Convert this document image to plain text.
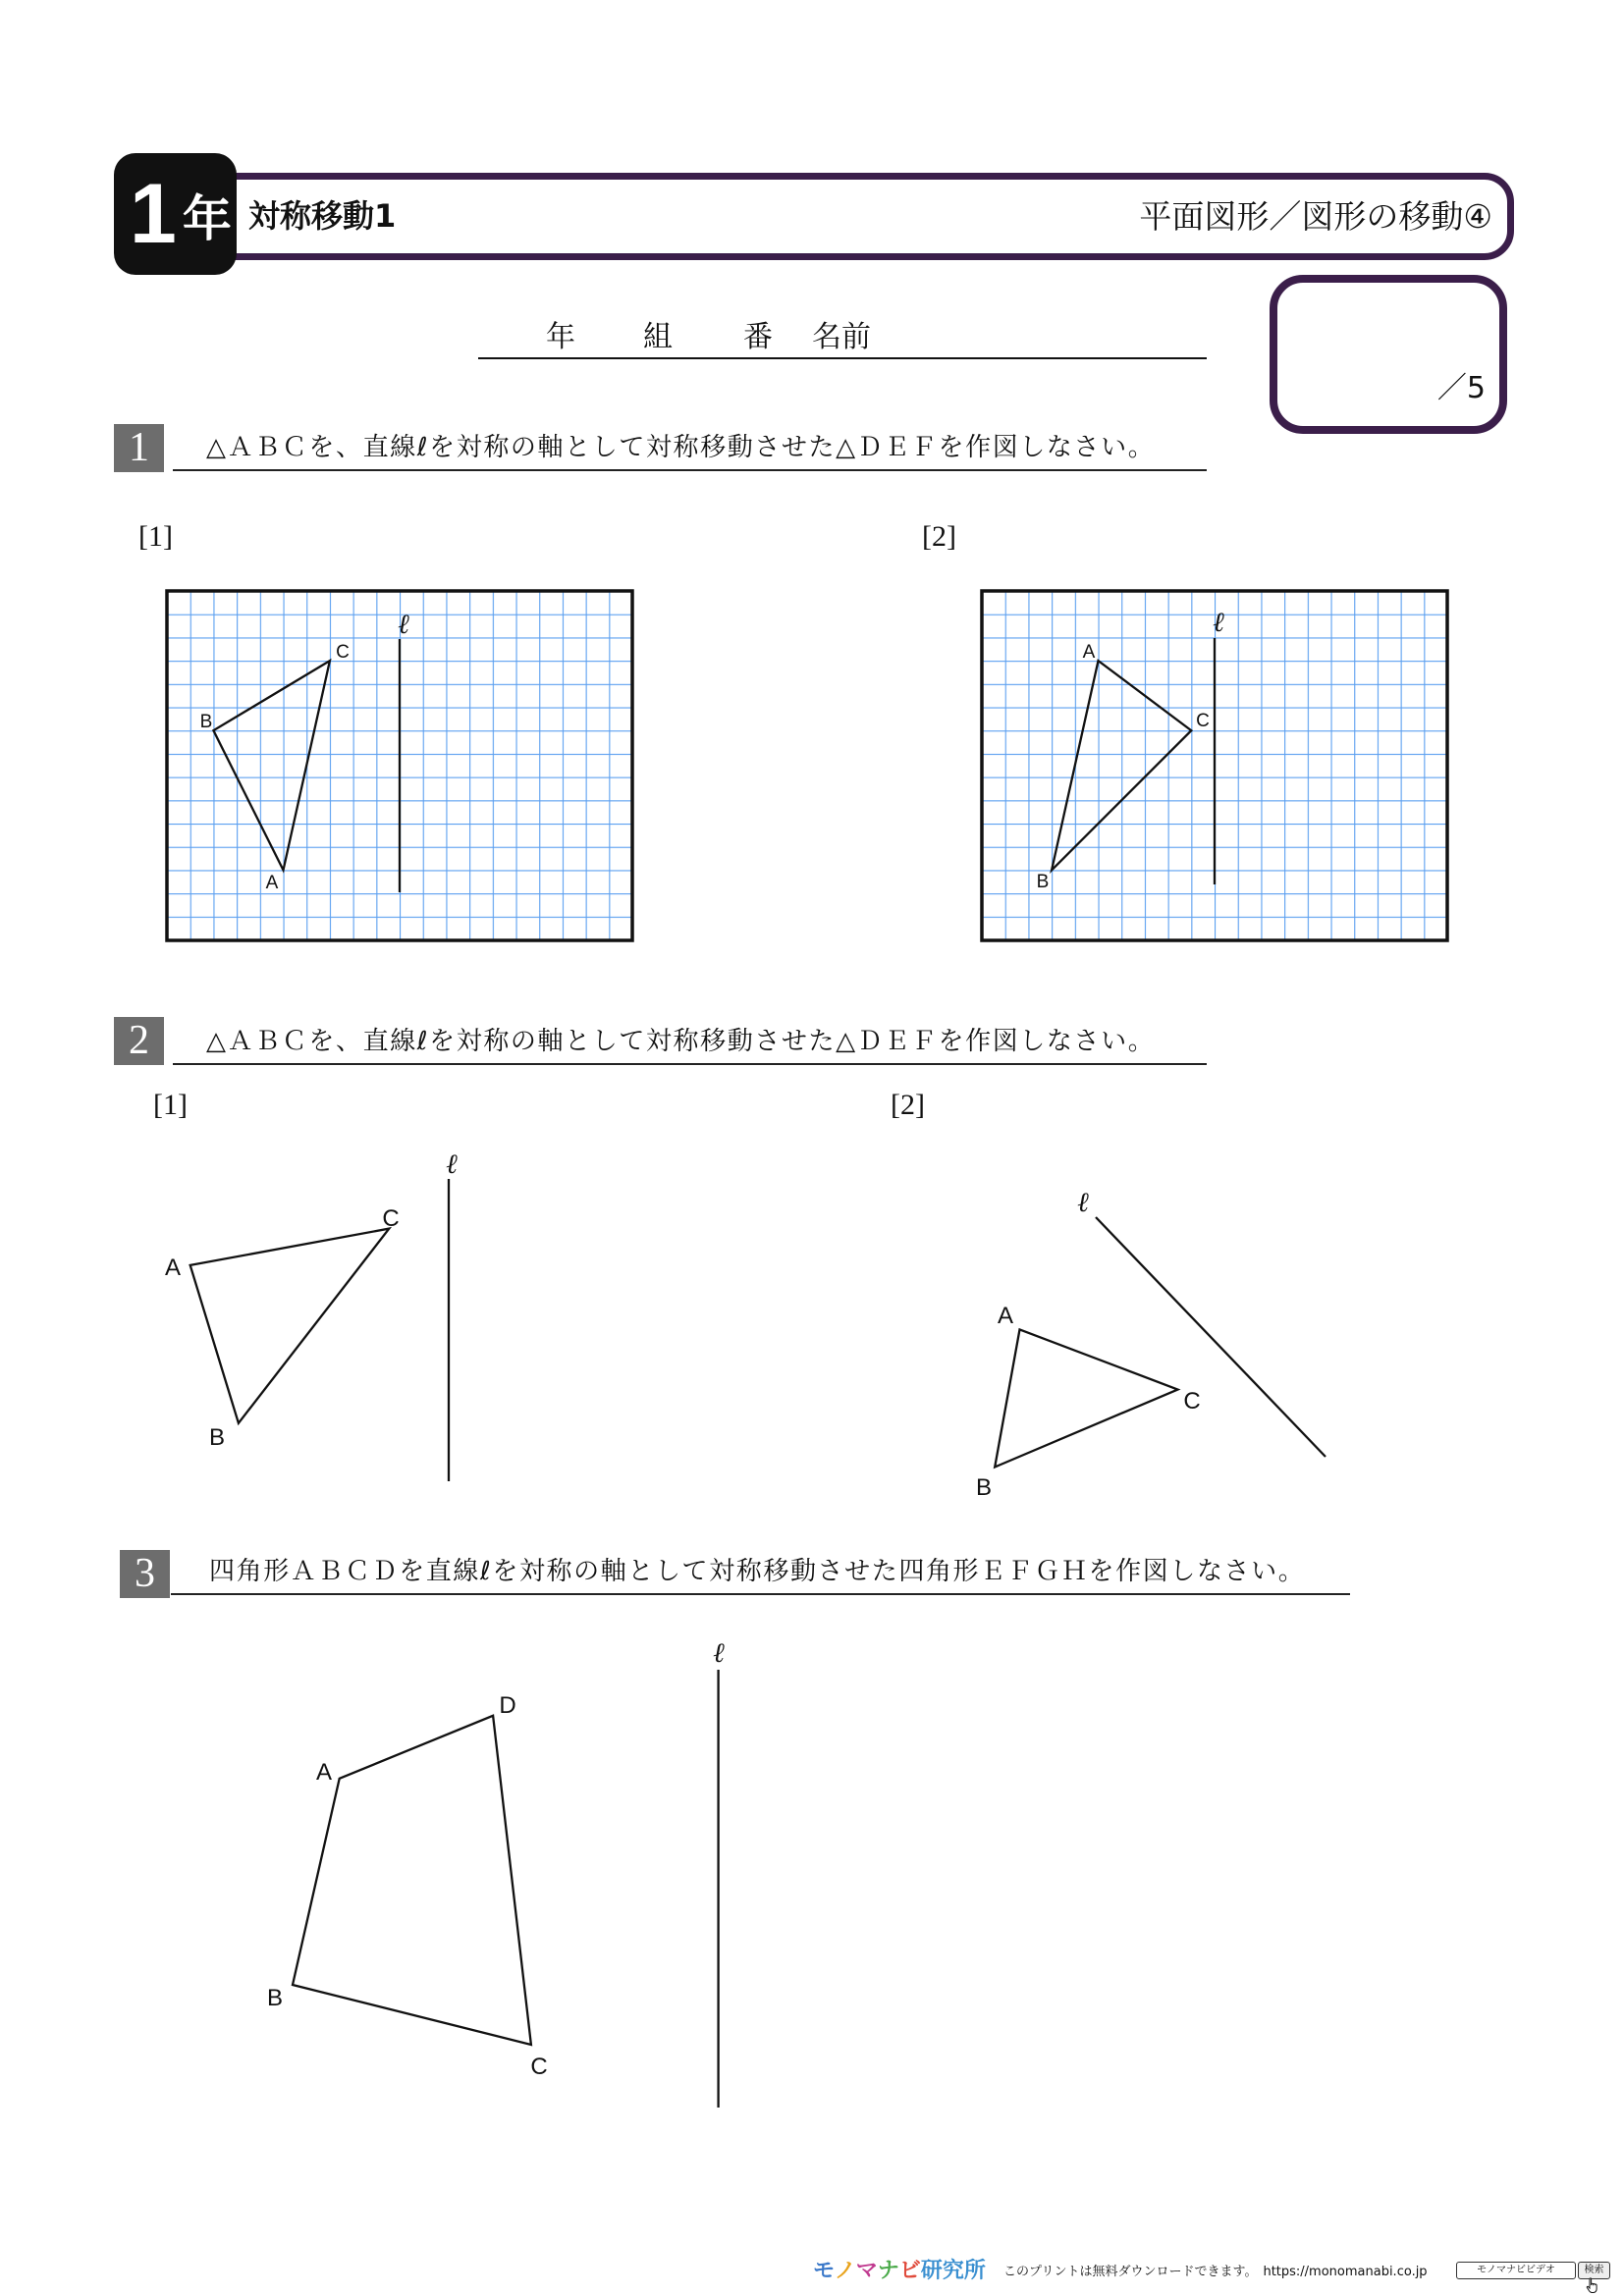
対称移動1	平面図形／図形の移動④
1 年
／5
年 組 番 名前
1	△ＡＢＣを、直線ℓを対称の軸として対称移動させた△ＤＥＦを作図しなさい。
[1]	[2]
2	△ＡＢＣを、直線ℓを対称の軸として対称移動させた△ＤＥＦを作図しなさい。
[1]	[2]
3	四角形ＡＢＣＤを直線ℓを対称の軸として対称移動させた四角形ＥＦＧＨを作図しなさい。
ℓ
A
B
C
ℓ
A
B
C
ℓ
A
B
C
ℓ
A
B
C
ℓ
A
B
C
D
モノマナビ研究所 このプリントは無料ダウンロードできます。 https://monomanabi.co.jp	モノマナビビデオ	検索
